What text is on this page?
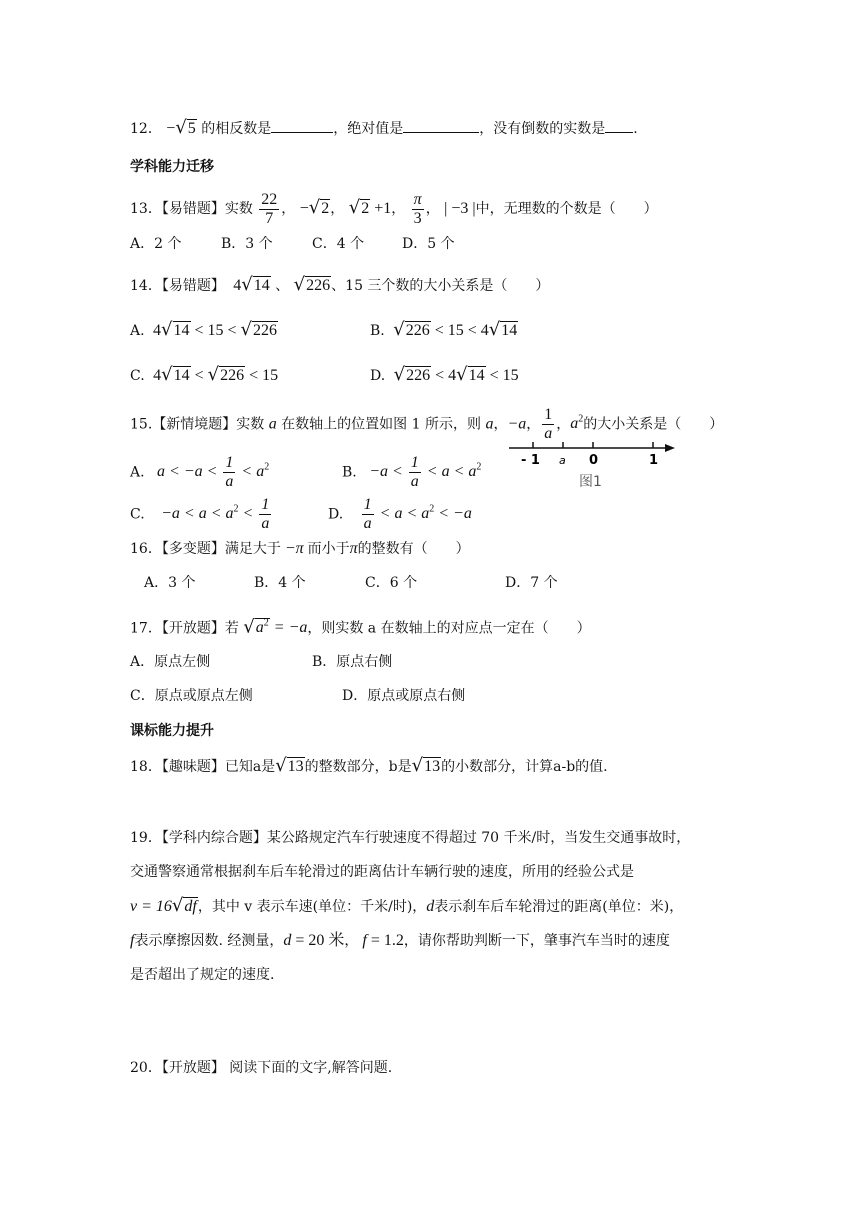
12． −√5 的相反数是	，绝对值是	，没有倒数的实数是 .
学科能力迁移
13．【易错题】实数 $\frac{22}{7}$ ， −√2， √2 +1， $\frac{\pi}{3}$ ， | −3 |中，无理数的个数是（　　）
A．2 个	B．3 个	C．4 个	D．5 个
14．【易错题】  4√14 、 √226、15 三个数的大小关系是（　　）
A.  4√14 < 15 < √226	B. √226 < 15 < 4√14
C.  4√14 < √226 < 15	D. √226 < 4√14 < 15
15.【新情境题】实数 a 在数轴上的位置如图 1 所示，则 a，−a， $\frac{1}{a}$ ，$a^2$的大小关系是（　　）
- 1 a 0	1
图1
A.   $a < -a < \frac{1}{a} < a^2$	B.   $-a < \frac{1}{a} < a < a^2$
C.    $-a < a < a^2 < \frac{1}{a}$	D. $\frac{1}{a} < a < a^2 < -a$
16．【多变题】满足大于 −π 而小于π的整数有（　　）
A．3 个	B．4 个	C．6 个	D．7 个
17．【开放题】若 $√a^2 = -a$，则实数 a 在数轴上的对应点一定在（　　）
A．原点左侧	B．原点右侧
C．原点或原点左侧	D．原点或原点右侧
课标能力提升
18．【趣味题】已知a是√13的整数部分，b是√13的小数部分，计算a-b的值.
19．【学科内综合题】某公路规定汽车行驶速度不得超过 70 千米/时，当发生交通事故时，
交通警察通常根据刹车后车轮滑过的距离估计车辆行驶的速度，所用的经验公式是
v = 16√df，其中 v 表示车速(单位：千米/时)，d表示刹车后车轮滑过的距离(单位：米)，
f表示摩擦因数. 经测量，d = 20 米， f = 1.2，请你帮助判断一下，肇事汽车当时的速度
是否超出了规定的速度.
20．【开放题】 阅读下面的文字,解答问题.
